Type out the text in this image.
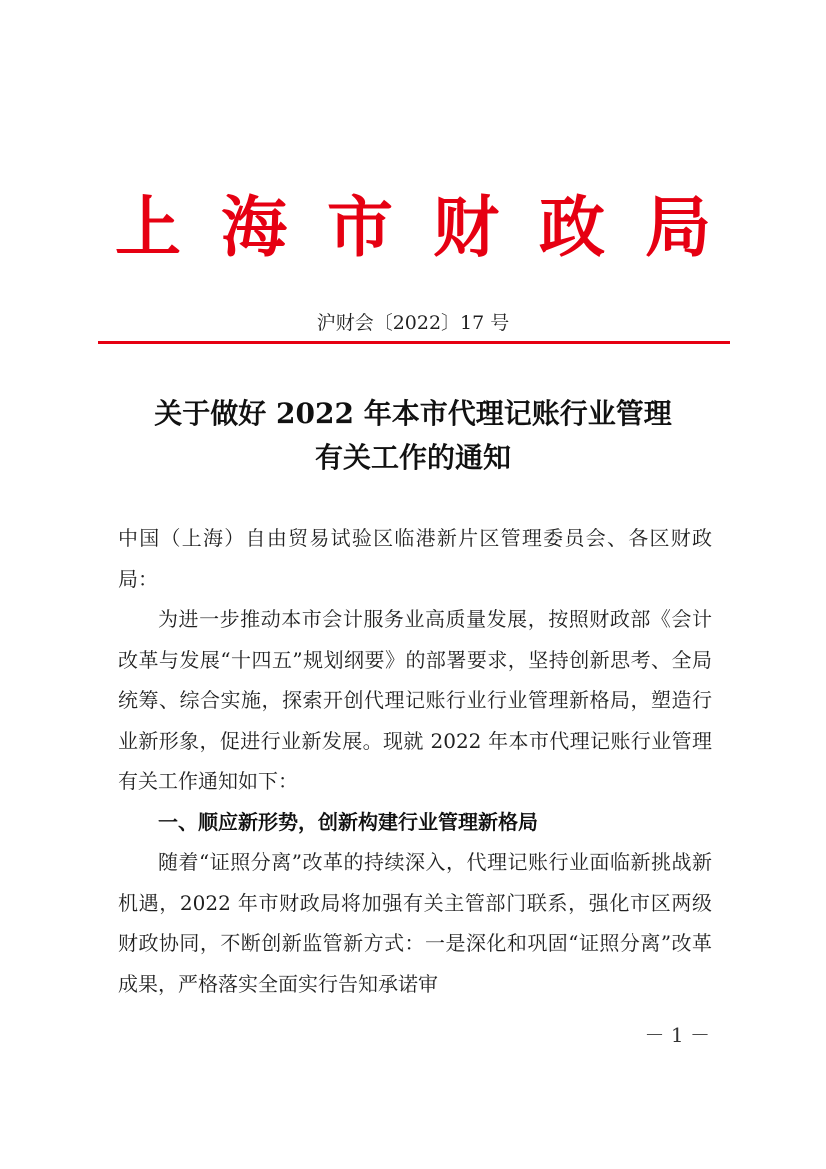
上海市财政局
沪财会〔2022〕17 号
关于做好 2022 年本市代理记账行业管理
有关工作的通知

中国（上海）自由贸易试验区临港新片区管理委员会、各区财政局：

为进一步推动本市会计服务业高质量发展，按照财政部《会计改革与发展“十四五”规划纲要》的部署要求，坚持创新思考、全局统筹、综合实施，探索开创代理记账行业行业管理新格局，塑造行业新形象，促进行业新发展。现就 2022 年本市代理记账行业管理有关工作通知如下：

一、顺应新形势，创新构建行业管理新格局

随着“证照分离”改革的持续深入，代理记账行业面临新挑战新机遇，2022 年市财政局将加强有关主管部门联系，强化市区两级财政协同，不断创新监管新方式：一是深化和巩固“证照分离”改革成果，严格落实全面实行告知承诺审

－ 1 －
